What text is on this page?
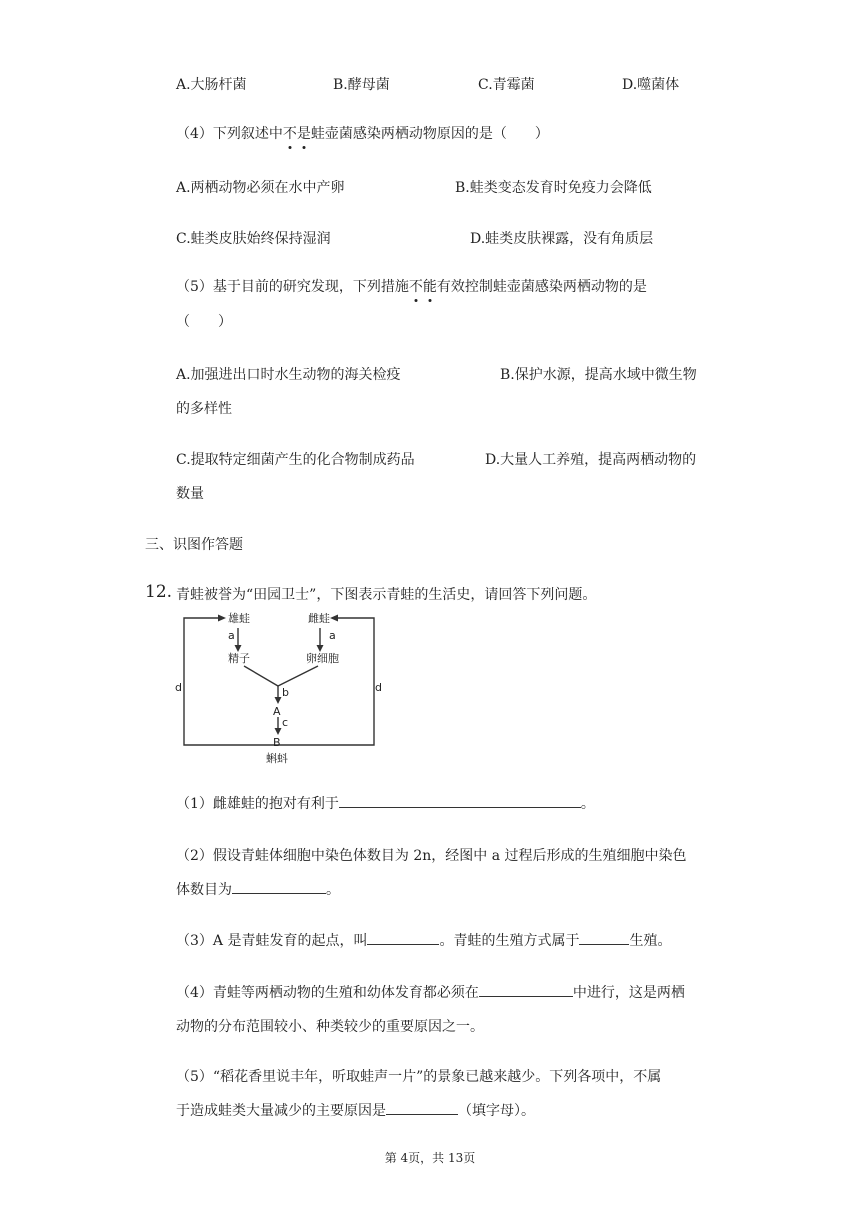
A.大肠杆菌	B.酵母菌	C.青霉菌	D.噬菌体
（4）下列叙述中不是蛙壶菌感染两栖动物原因的是（　　）
A.两栖动物必须在水中产卵	B.蛙类变态发育时免疫力会降低
C.蛙类皮肤始终保持湿润	D.蛙类皮肤裸露，没有角质层
（5）基于目前的研究发现，下列措施不能有效控制蛙壶菌感染两栖动物的是
（　　）
A.加强进出口时水生动物的海关检疫	B.保护水源，提高水域中微生物
的多样性
C.提取特定细菌产生的化合物制成药品	D.大量人工养殖，提高两栖动物的
数量
三、识图作答题
12. 青蛙被誉为“田园卫士”，下图表示青蛙的生活史，请回答下列问题。
雄蛙	雌蛙
a	a
精子	卵细胞
b
A
c
B
蝌蚪
d	d
（1）雌雄蛙的抱对有利于	。
（2）假设青蛙体细胞中染色体数目为 2n，经图中 a 过程后形成的生殖细胞中染色
体数目为	。
（3）A 是青蛙发育的起点，叫	。青蛙的生殖方式属于	生殖。
（4）青蛙等两栖动物的生殖和幼体发育都必须在	中进行，这是两栖
动物的分布范围较小、种类较少的重要原因之一。
（5）“稻花香里说丰年，听取蛙声一片”的景象已越来越少。下列各项中，不属
于造成蛙类大量减少的主要原因是	（填字母）。
第 4页，共 13页
